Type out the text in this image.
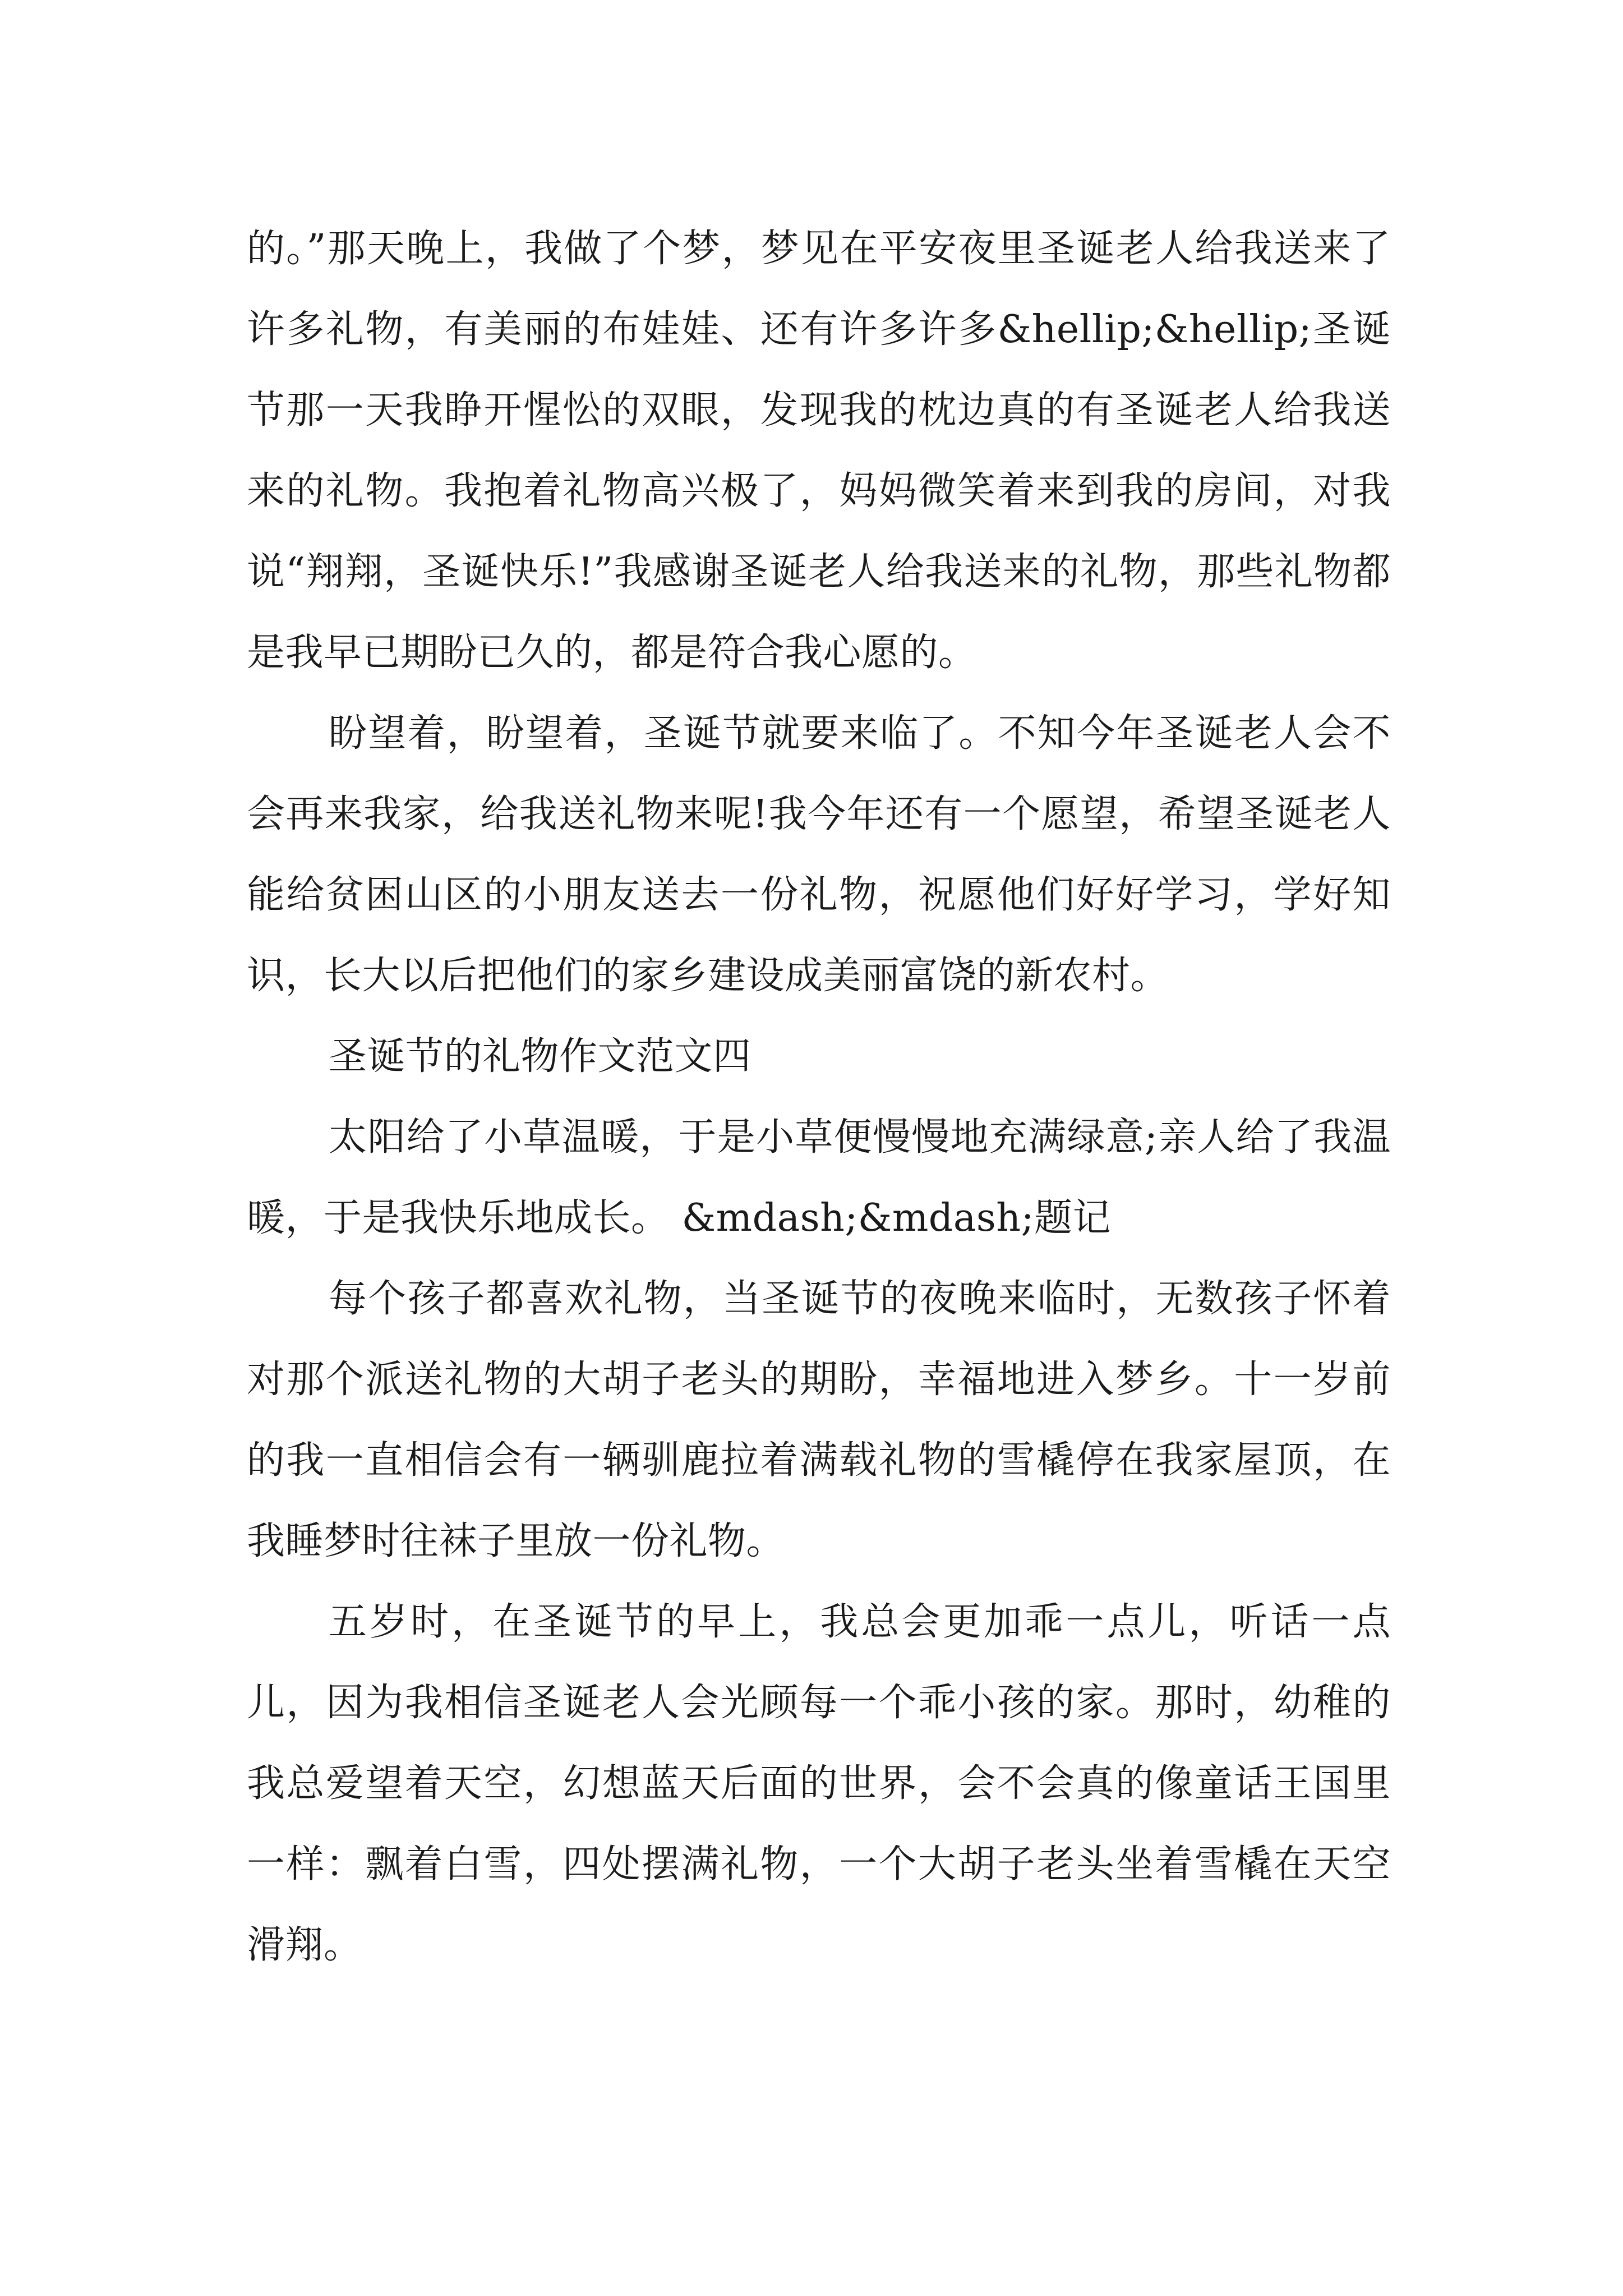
的。”那天晚上，我做了个梦，梦见在平安夜里圣诞老人给我送来了许多礼物，有美丽的布娃娃、还有许多许多&hellip;&hellip;圣诞节那一天我睁开惺忪的双眼，发现我的枕边真的有圣诞老人给我送来的礼物。我抱着礼物高兴极了，妈妈微笑着来到我的房间，对我说“翔翔，圣诞快乐!”我感谢圣诞老人给我送来的礼物，那些礼物都是我早已期盼已久的，都是符合我心愿的。

盼望着，盼望着，圣诞节就要来临了。不知今年圣诞老人会不会再来我家，给我送礼物来呢!我今年还有一个愿望，希望圣诞老人能给贫困山区的小朋友送去一份礼物，祝愿他们好好学习，学好知识，长大以后把他们的家乡建设成美丽富饶的新农村。

圣诞节的礼物作文范文四

太阳给了小草温暖，于是小草便慢慢地充满绿意;亲人给了我温暖，于是我快乐地成长。 &mdash;&mdash;题记

每个孩子都喜欢礼物，当圣诞节的夜晚来临时，无数孩子怀着对那个派送礼物的大胡子老头的期盼，幸福地进入梦乡。十一岁前的我一直相信会有一辆驯鹿拉着满载礼物的雪橇停在我家屋顶，在我睡梦时往袜子里放一份礼物。

五岁时，在圣诞节的早上，我总会更加乖一点儿，听话一点儿，因为我相信圣诞老人会光顾每一个乖小孩的家。那时，幼稚的我总爱望着天空，幻想蓝天后面的世界，会不会真的像童话王国里一样：飘着白雪，四处摆满礼物，一个大胡子老头坐着雪橇在天空滑翔。
